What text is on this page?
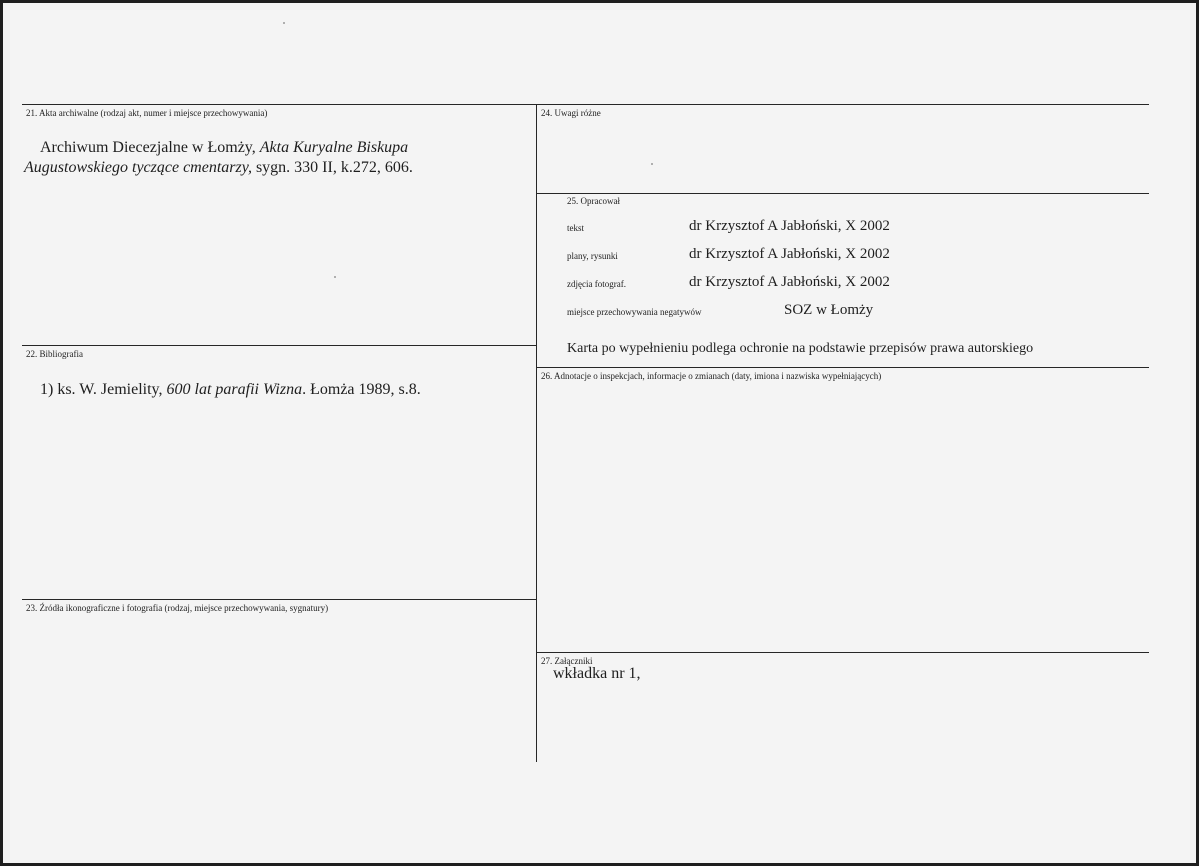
21. Akta archiwalne (rodzaj akt, numer i miejsce przechowywania)
Archiwum Diecezjalne w Łomży, Akta Kuryalne Biskupa
Augustowskiego tyczące cmentarzy, sygn. 330 II, k.272, 606.
22. Bibliografia
1) ks. W. Jemielity, 600 lat parafii Wizna. Łomża 1989, s.8.
23. Źródła ikonograficzne i fotografia (rodzaj, miejsce przechowywania, sygnatury)
24. Uwagi różne
25. Opracował
tekst	dr Krzysztof A Jabłoński, X 2002
plany, rysunki	dr Krzysztof A Jabłoński, X 2002
zdjęcia fotograf.	dr Krzysztof A Jabłoński, X 2002
miejsce przechowywania negatywów	SOZ w Łomży
Karta po wypełnieniu podlega ochronie na podstawie przepisów prawa autorskiego
26. Adnotacje o inspekcjach, informacje o zmianach (daty, imiona i nazwiska wypełniających)
27. Załączniki
wkładka nr 1,
